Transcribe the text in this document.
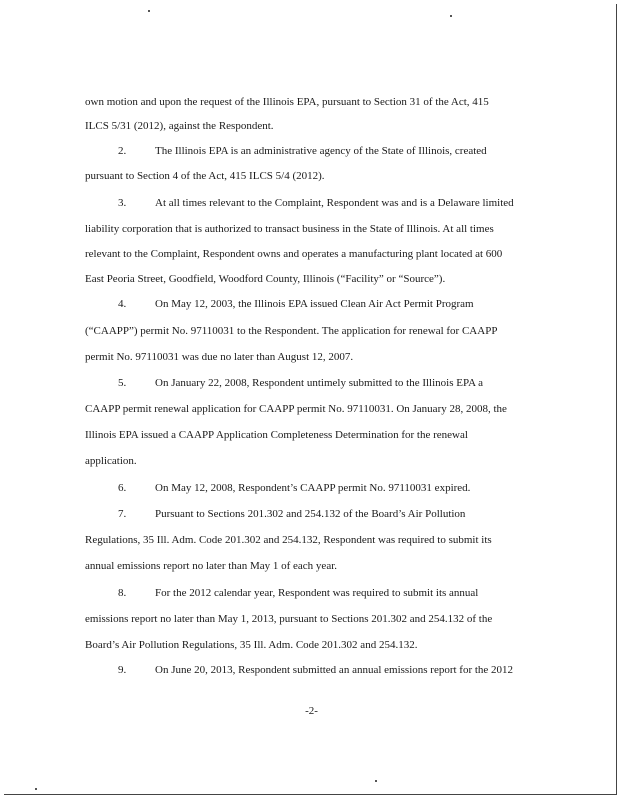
own motion and upon the request of the Illinois EPA, pursuant to Section 31 of the Act, 415
ILCS 5/31 (2012), against the Respondent.
2.	The Illinois EPA is an administrative agency of the State of Illinois, created
pursuant to Section 4 of the Act, 415 ILCS 5/4 (2012).
3.	At all times relevant to the Complaint, Respondent was and is a Delaware limited
liability corporation that is authorized to transact business in the State of Illinois. At all times
relevant to the Complaint, Respondent owns and operates a manufacturing plant located at 600
East Peoria Street, Goodfield, Woodford County, Illinois (“Facility” or “Source”).
4.	On May 12, 2003, the Illinois EPA issued Clean Air Act Permit Program
(“CAAPP”) permit No. 97110031 to the Respondent. The application for renewal for CAAPP
permit No. 97110031 was due no later than August 12, 2007.
5.	On January 22, 2008, Respondent untimely submitted to the Illinois EPA a
CAAPP permit renewal application for CAAPP permit No. 97110031. On January 28, 2008, the
Illinois EPA issued a CAAPP Application Completeness Determination for the renewal
application.
6.	On May 12, 2008, Respondent’s CAAPP permit No. 97110031 expired.
7.	Pursuant to Sections 201.302 and 254.132 of the Board’s Air Pollution
Regulations, 35 Ill. Adm. Code 201.302 and 254.132, Respondent was required to submit its
annual emissions report no later than May 1 of each year.
8.	For the 2012 calendar year, Respondent was required to submit its annual
emissions report no later than May 1, 2013, pursuant to Sections 201.302 and 254.132 of the
Board’s Air Pollution Regulations, 35 Ill. Adm. Code 201.302 and 254.132.
9.	On June 20, 2013, Respondent submitted an annual emissions report for the 2012
-2-
